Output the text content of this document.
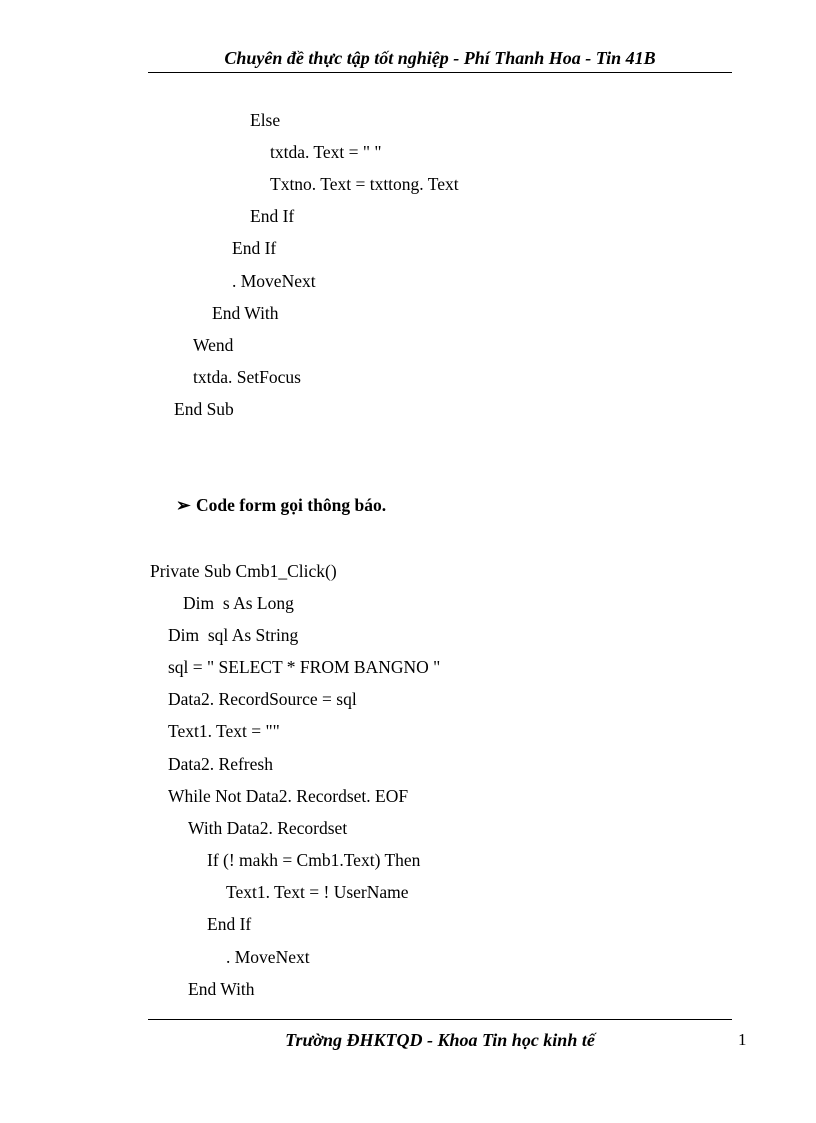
Chuyên đề thực tập tốt nghiệp - Phí Thanh Hoa - Tin 41B
Else
txtda. Text = " "
Txtno. Text = txttong. Text
End If
End If
. MoveNext
End With
Wend
txtda. SetFocus
End Sub
➢ Code form gọi thông báo.
Private Sub Cmb1_Click()
Dim  s As Long
Dim  sql As String
sql = " SELECT * FROM BANGNO "
Data2. RecordSource = sql
Text1. Text = ""
Data2. Refresh
While Not Data2. Recordset. EOF
With Data2. Recordset
If (! makh = Cmb1.Text) Then
Text1. Text = ! UserName
End If
. MoveNext
End With
Trường ĐHKTQD - Khoa Tin học kinh tế	1
